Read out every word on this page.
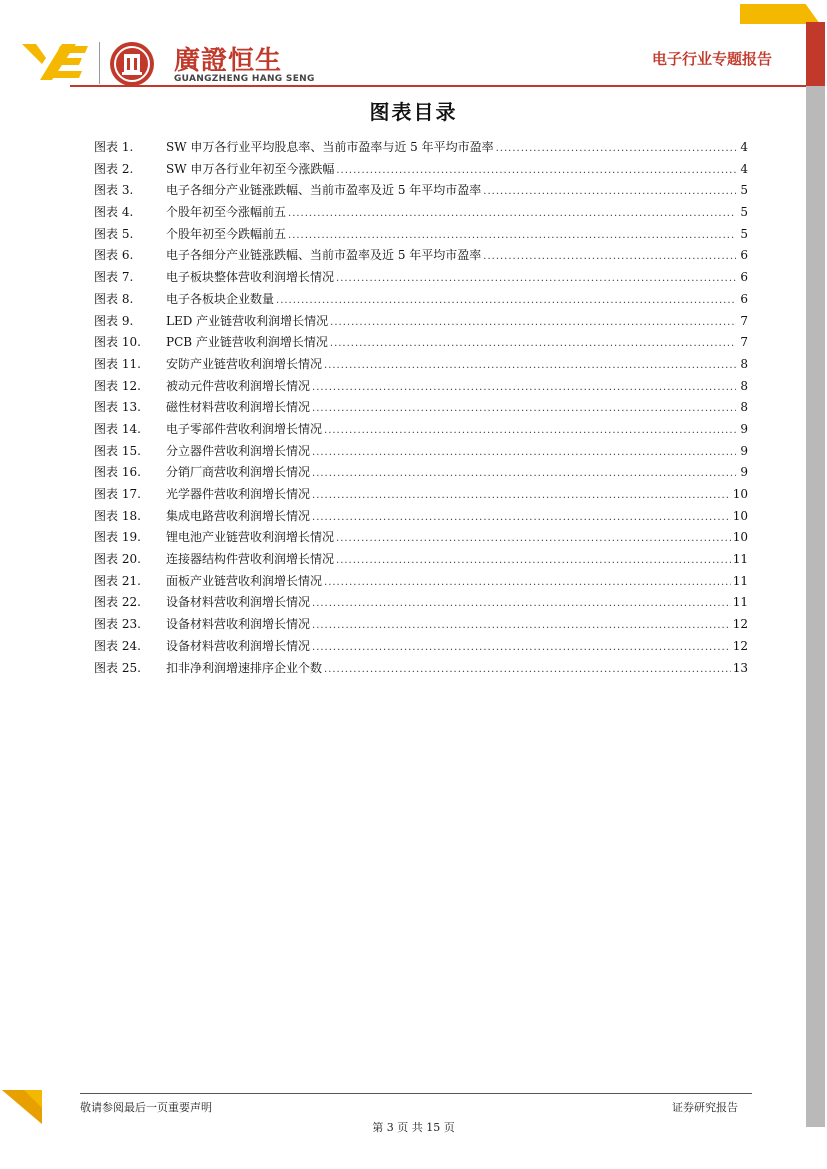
廣證恒生
GUANGZHENG HANG SENG
电子行业专题报告
图表目录
图表 1.	SW 申万各行业平均股息率、当前市盈率与近 5 年平均市盈率 .....	4
图表 2.	SW 申万各行业年初至今涨跌幅 .....	4
图表 3.	电子各细分产业链涨跌幅、当前市盈率及近 5 年平均市盈率 .....	5
图表 4.	个股年初至今涨幅前五 .....	5
图表 5.	个股年初至今跌幅前五 .....	5
图表 6.	电子各细分产业链涨跌幅、当前市盈率及近 5 年平均市盈率 .....	6
图表 7.	电子板块整体营收利润增长情况 .....	6
图表 8.	电子各板块企业数量 .....	6
图表 9.	LED 产业链营收利润增长情况 .....	7
图表 10.	PCB 产业链营收利润增长情况 .....	7
图表 11.	安防产业链营收利润增长情况 .....	8
图表 12.	被动元件营收利润增长情况 .....	8
图表 13.	磁性材料营收利润增长情况 .....	8
图表 14.	电子零部件营收利润增长情况 .....	9
图表 15.	分立器件营收利润增长情况 .....	9
图表 16.	分销厂商营收利润增长情况 .....	9
图表 17.	光学器件营收利润增长情况 .....	10
图表 18.	集成电路营收利润增长情况 .....	10
图表 19.	锂电池产业链营收利润增长情况 .....	10
图表 20.	连接器结构件营收利润增长情况 .....	11
图表 21.	面板产业链营收利润增长情况 .....	11
图表 22.	设备材料营收利润增长情况 .....	11
图表 23.	设备材料营收利润增长情况 .....	12
图表 24.	设备材料营收利润增长情况 .....	12
图表 25.	扣非净利润增速排序企业个数 .....	13
敬请参阅最后一页重要声明	证券研究报告
第 3 页 共 15 页
